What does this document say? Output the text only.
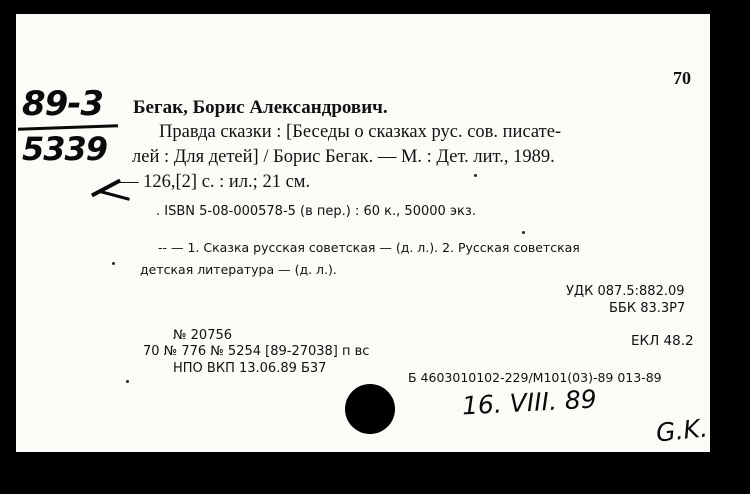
89-3
5339
70
Бегак, Борис Александрович.
Правда сказки : [Беседы о сказках рус. сов. писате-
лей : Для детей] / Борис Бегак. — М. : Дет. лит., 1989.
— 126,[2] с. : ил.; 21 см.
. ISBN 5-08-000578-5 (в пер.) : 60 к., 50000 экз.
-- — 1. Сказка русская советская — (д. л.). 2. Русская советская
детская литература — (д. л.).
УДК 087.5:882.09
ББК 83.3Р7
№ 20756	ЕКЛ 48.2
70 № 776 № 5254 [89-27038] п вс
НПО ВКП 13.06.89 Б37
Б 4603010102-229/М101(03)-89 013-89
16. VIII. 89
G.K.
